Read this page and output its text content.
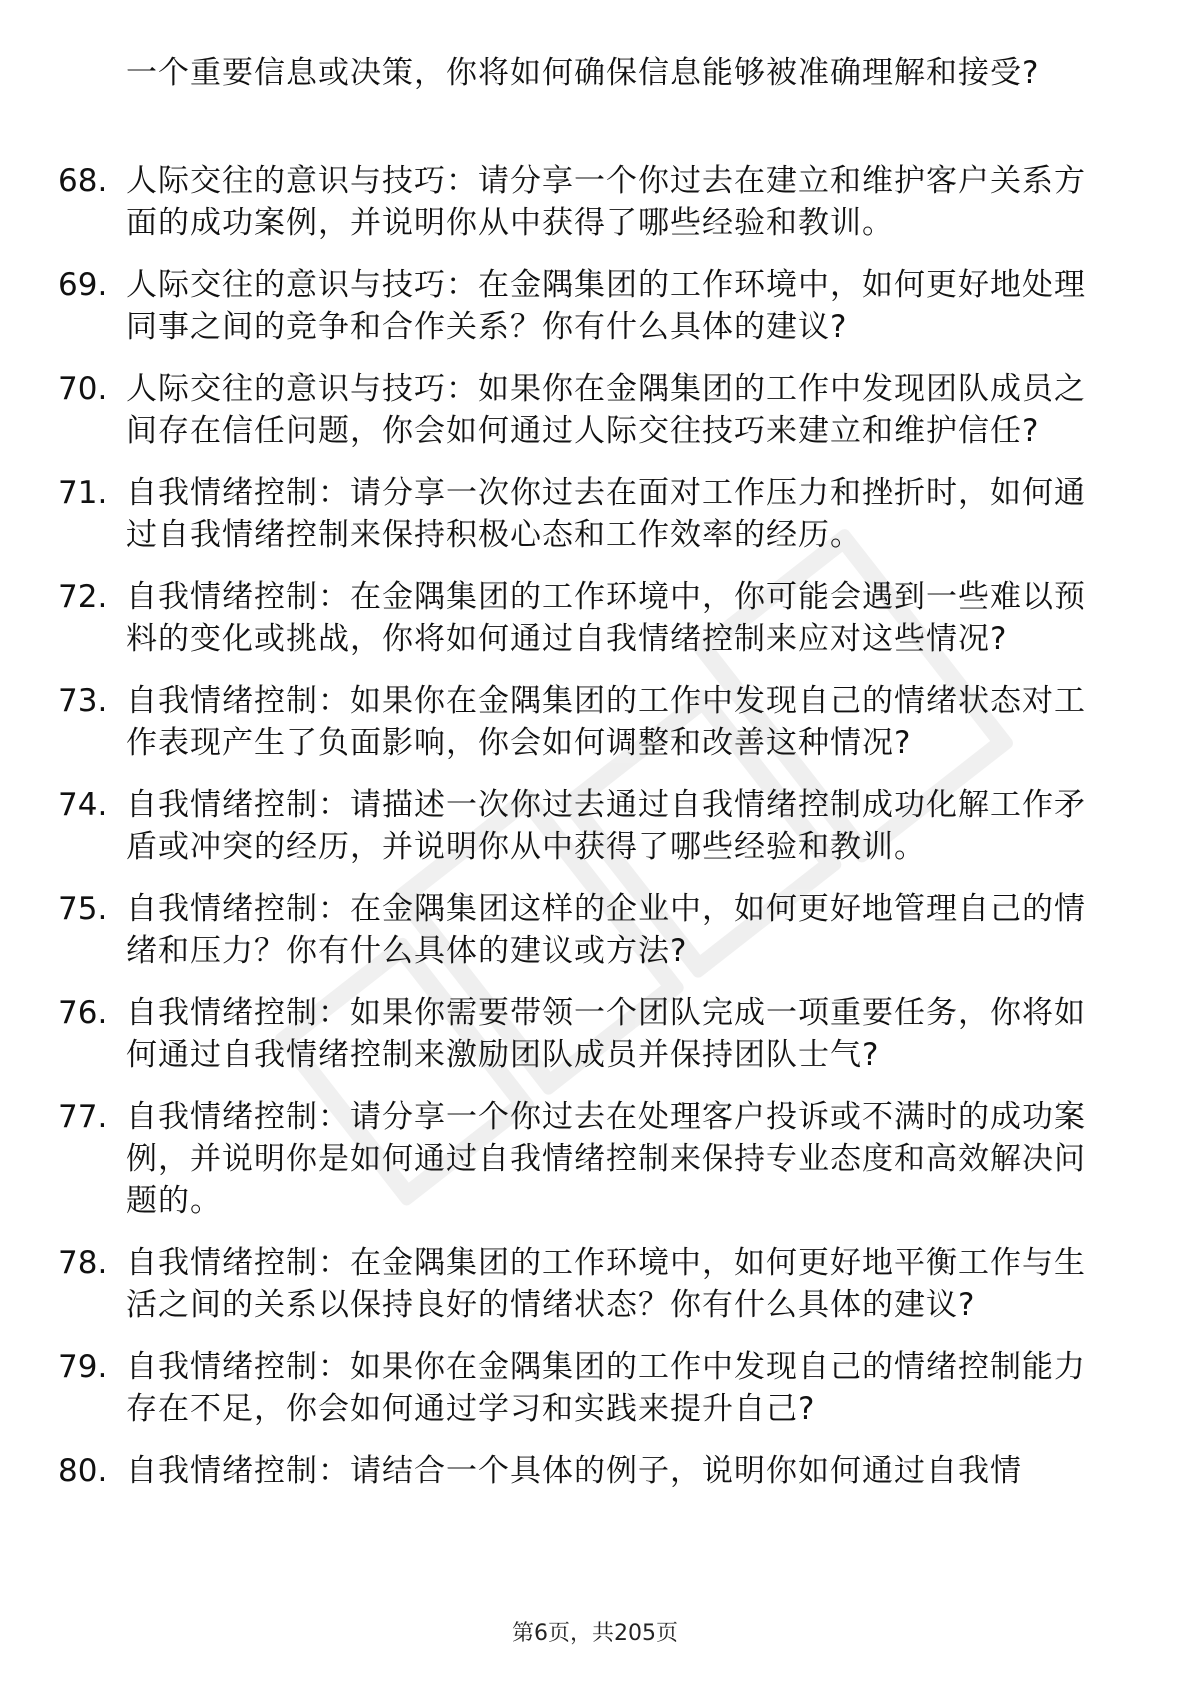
一个重要信息或决策，你将如何确保信息能够被准确理解和接受?
68. 人际交往的意识与技巧：请分享一个你过去在建立和维护客户关系方面的成功案例，并说明你从中获得了哪些经验和教训。
69. 人际交往的意识与技巧：在金隅集团的工作环境中，如何更好地处理同事之间的竞争和合作关系？你有什么具体的建议?
70. 人际交往的意识与技巧：如果你在金隅集团的工作中发现团队成员之间存在信任问题，你会如何通过人际交往技巧来建立和维护信任?
71. 自我情绪控制：请分享一次你过去在面对工作压力和挫折时，如何通过自我情绪控制来保持积极心态和工作效率的经历。
72. 自我情绪控制：在金隅集团的工作环境中，你可能会遇到一些难以预料的变化或挑战，你将如何通过自我情绪控制来应对这些情况?
73. 自我情绪控制：如果你在金隅集团的工作中发现自己的情绪状态对工作表现产生了负面影响，你会如何调整和改善这种情况?
74. 自我情绪控制：请描述一次你过去通过自我情绪控制成功化解工作矛盾或冲突的经历，并说明你从中获得了哪些经验和教训。
75. 自我情绪控制：在金隅集团这样的企业中，如何更好地管理自己的情绪和压力？你有什么具体的建议或方法?
76. 自我情绪控制：如果你需要带领一个团队完成一项重要任务，你将如何通过自我情绪控制来激励团队成员并保持团队士气?
77. 自我情绪控制：请分享一个你过去在处理客户投诉或不满时的成功案例，并说明你是如何通过自我情绪控制来保持专业态度和高效解决问题的。
78. 自我情绪控制：在金隅集团的工作环境中，如何更好地平衡工作与生活之间的关系以保持良好的情绪状态？你有什么具体的建议?
79. 自我情绪控制：如果你在金隅集团的工作中发现自己的情绪控制能力存在不足，你会如何通过学习和实践来提升自己?
80. 自我情绪控制：请结合一个具体的例子，说明你如何通过自我情
第6页，共205页
